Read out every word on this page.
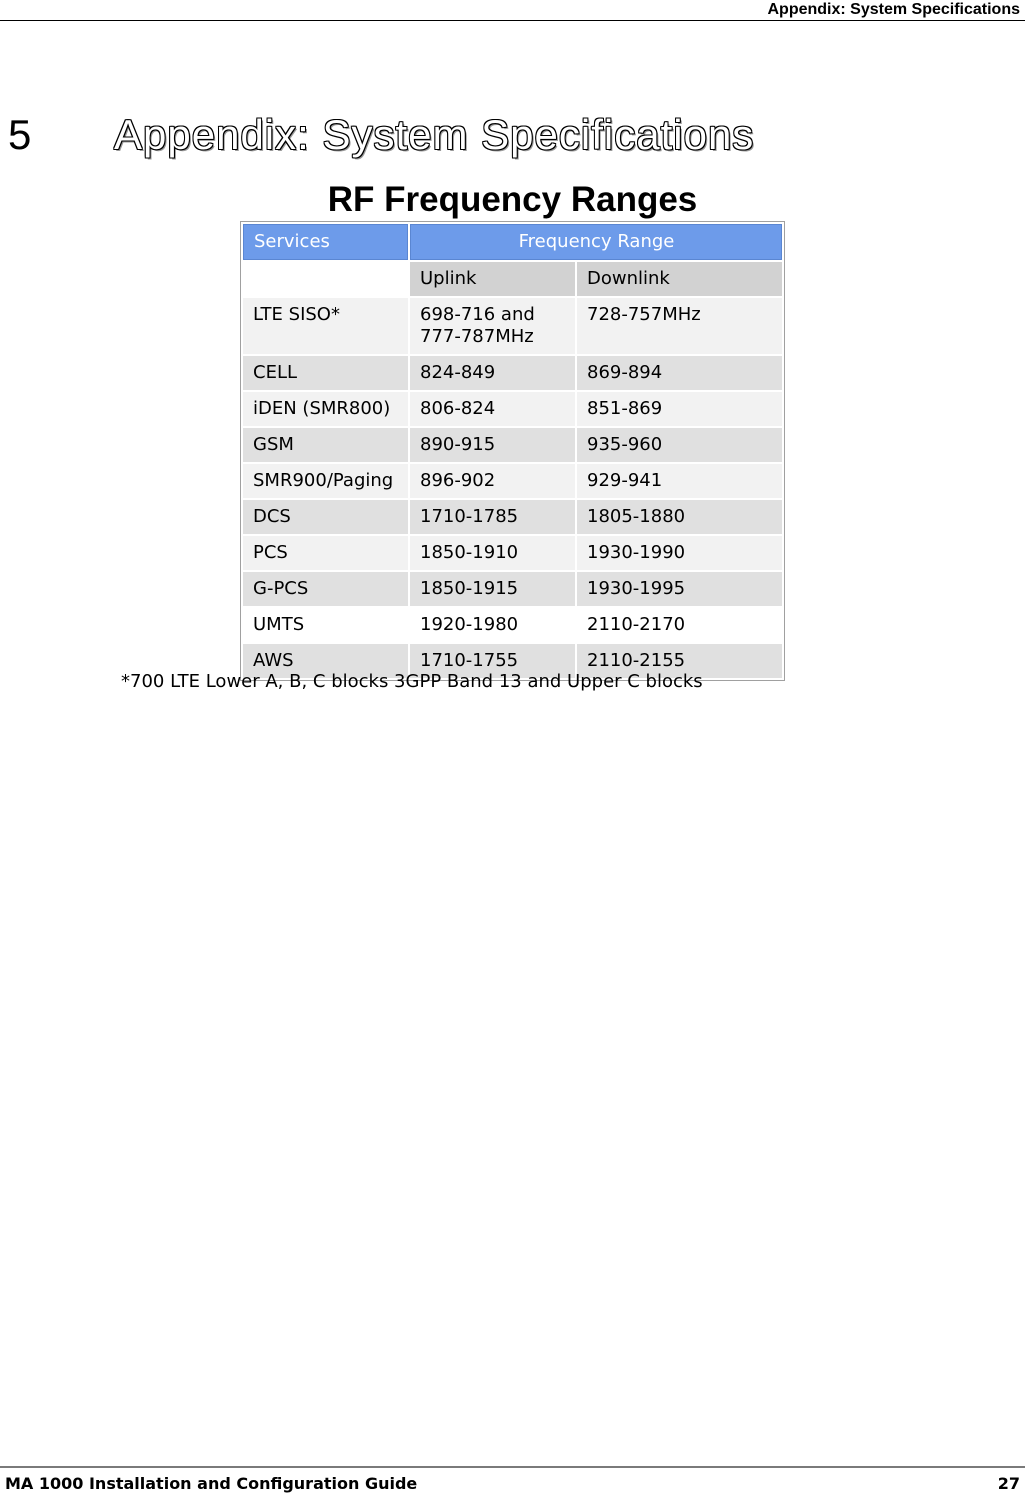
Appendix: System Specifications
5 Appendix: System Specifications
RF Frequency Ranges
Services	Frequency Range	
	Uplink	Downlink
LTE SISO*	698-716 and 777-787MHz	728-757MHz
CELL	824-849	869-894
iDEN (SMR800)	806-824	851-869
GSM	890-915	935-960
SMR900/Paging	896-902	929-941
DCS	1710-1785	1805-1880
PCS	1850-1910	1930-1990
G-PCS	1850-1915	1930-1995
UMTS	1920-1980	2110-2170
AWS	1710-1755	2110-2155
*700 LTE Lower A, B, C blocks 3GPP Band 13 and Upper C blocks
MA 1000 Installation and Configuration Guide	27
